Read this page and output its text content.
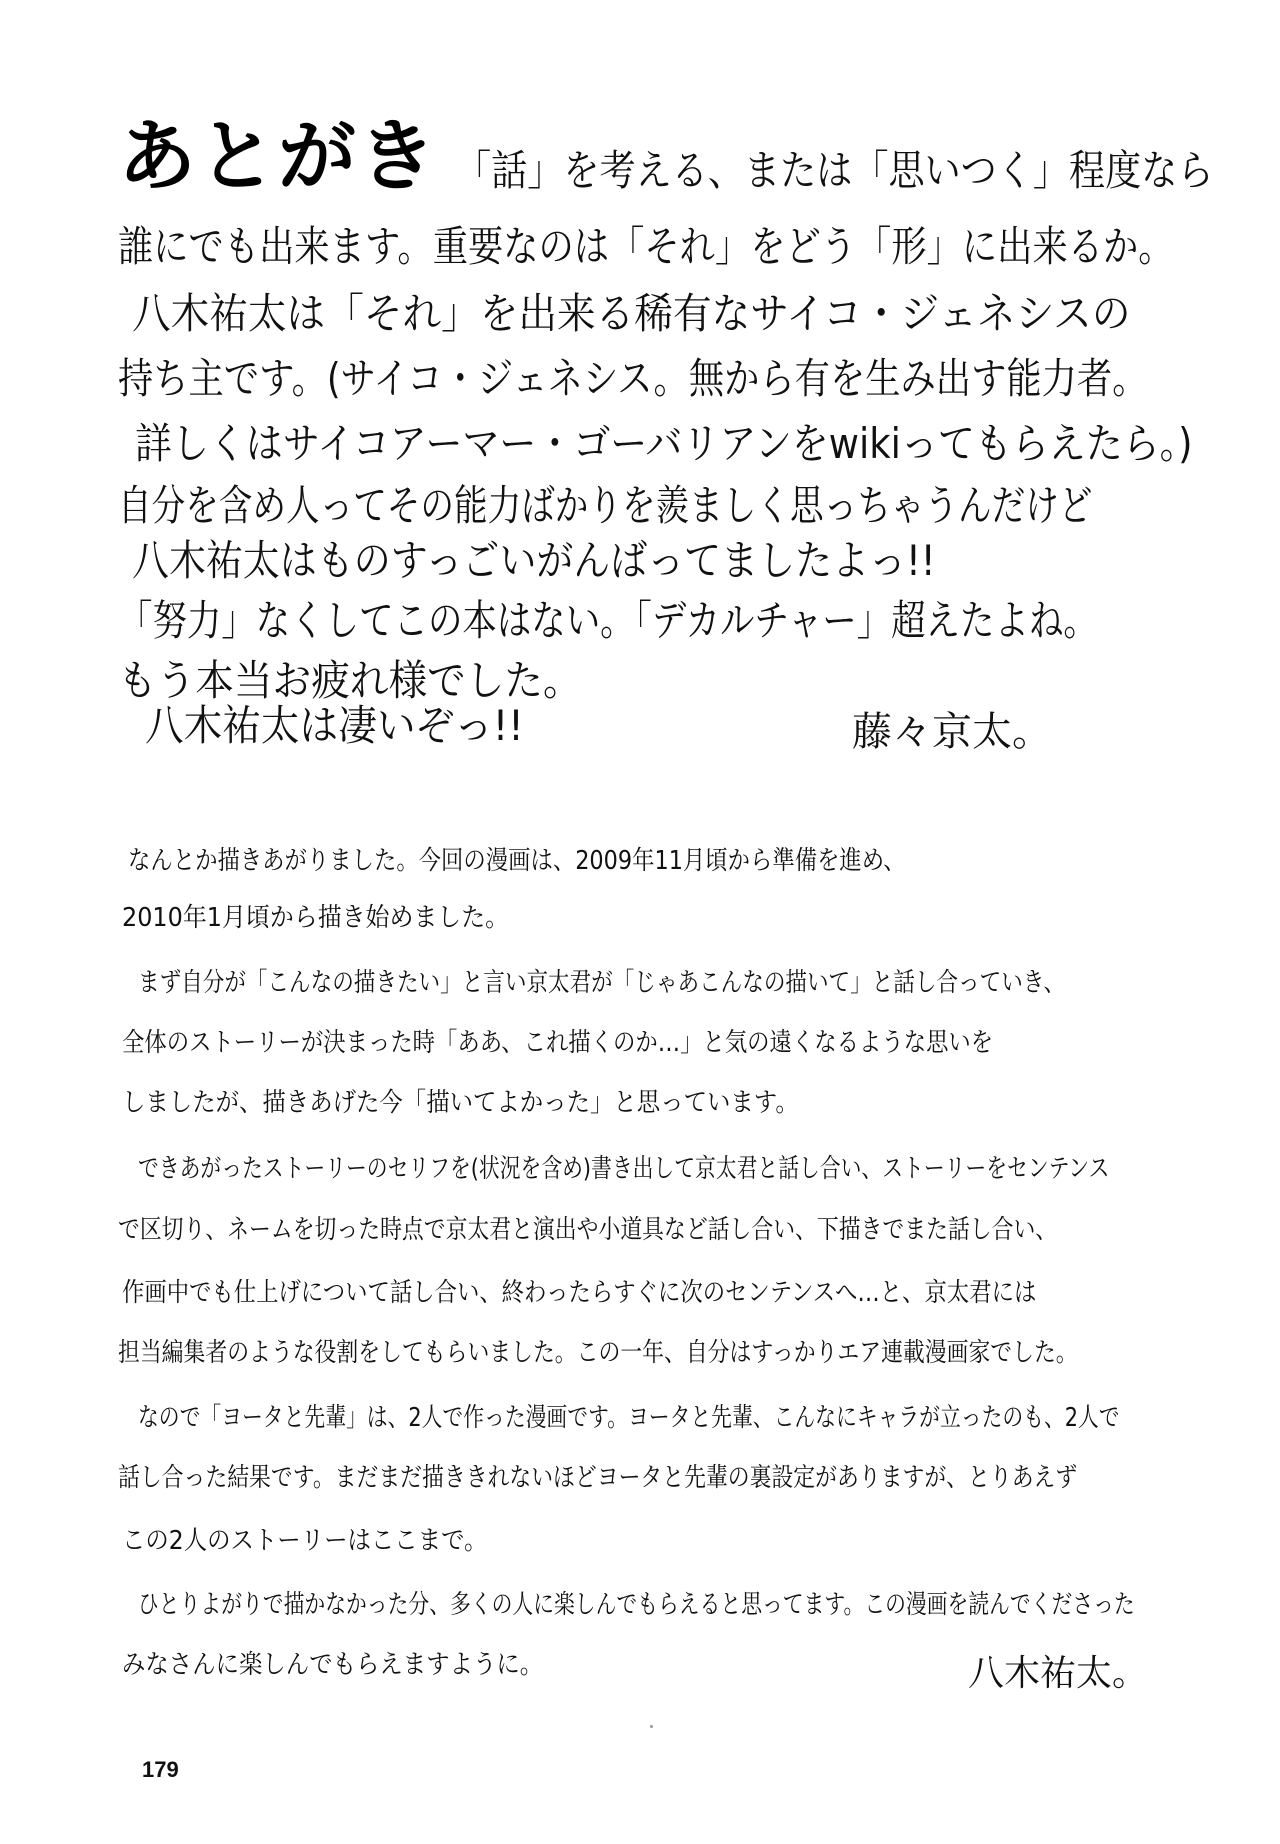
あとがき 「話」を考える、または「思いつく」程度なら
誰にでも出来ます。重要なのは「それ」をどう「形」に出来るか。
八木祐太は「それ」を出来る稀有なサイコ・ジェネシスの
持ち主です。(サイコ・ジェネシス。無から有を生み出す能力者。
詳しくはサイコアーマー・ゴーバリアンをwikiってもらえたら。)
自分を含め人ってその能力ばかりを羨ましく思っちゃうんだけど
八木祐太はものすっごいがんばってましたよっ!!
「努力」なくしてこの本はない。「デカルチャー」超えたよね。
もう本当お疲れ様でした。
八木祐太は凄いぞっ!!	藤々京太。
なんとか描きあがりました。今回の漫画は、2009年11月頃から準備を進め、
2010年1月頃から描き始めました。
まず自分が「こんなの描きたい」と言い京太君が「じゃあこんなの描いて」と話し合っていき、
全体のストーリーが決まった時「ああ、これ描くのか…」と気の遠くなるような思いを
しましたが、描きあげた今「描いてよかった」と思っています。
できあがったストーリーのセリフを(状況を含め)書き出して京太君と話し合い、ストーリーをセンテンス
で区切り、ネームを切った時点で京太君と演出や小道具など話し合い、下描きでまた話し合い、
作画中でも仕上げについて話し合い、終わったらすぐに次のセンテンスへ…と、京太君には
担当編集者のような役割をしてもらいました。この一年、自分はすっかりエア連載漫画家でした。
なので「ヨータと先輩」は、2人で作った漫画です。ヨータと先輩、こんなにキャラが立ったのも、2人で
話し合った結果です。まだまだ描ききれないほどヨータと先輩の裏設定がありますが、とりあえず
この2人のストーリーはここまで。
ひとりよがりで描かなかった分、多くの人に楽しんでもらえると思ってます。この漫画を読んでくださった
みなさんに楽しんでもらえますように。	八木祐太。
179
